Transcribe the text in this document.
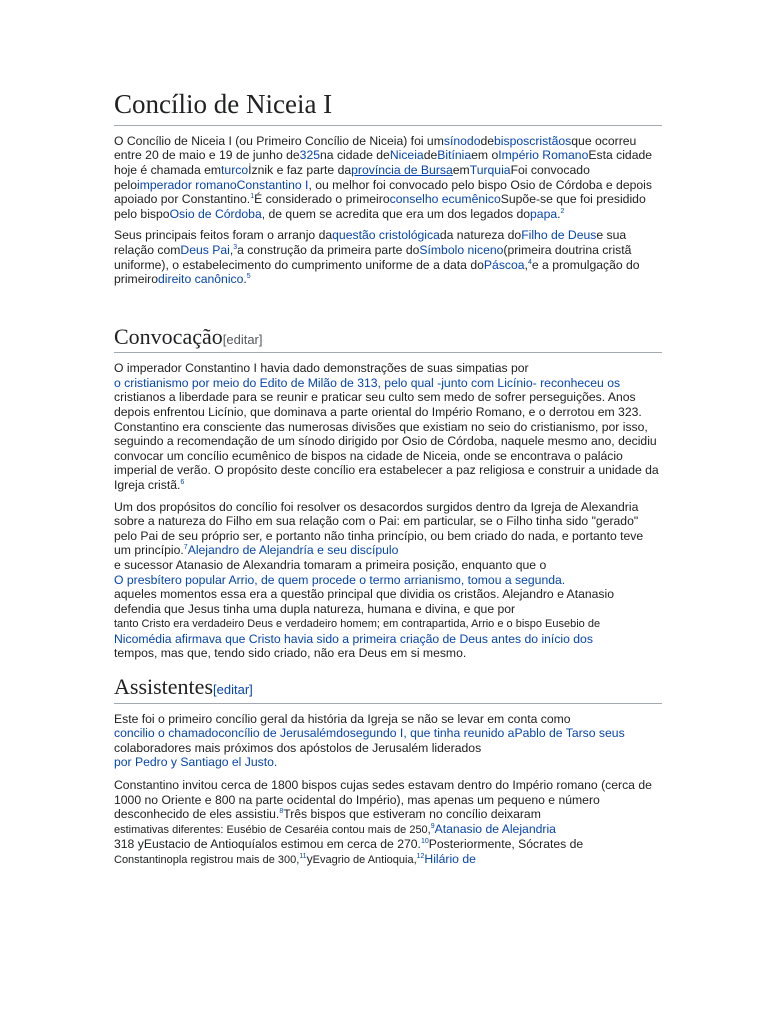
Concílio de Niceia I

O Concílio de Niceia I (ou Primeiro Concílio de Niceia) foi umsínododebisposcristãosque ocorreu entre 20 de maio e 19 de junho de325na cidade deNiceiadeBitíniaem oImpério RomanoEsta cidade hoje é chamada emturcoİznik e faz parte daprovíncia de BursaemTurquiaFoi convocado peloimperador romanoConstantino I, ou melhor foi convocado pelo bispo Osio de Córdoba e depois apoiado por Constantino.$^1$É considerado o primeiroconselho ecumênicoSupõe-se que foi presidido pelo bispoOsio de Córdoba, de quem se acredita que era um dos legados dopapa.$^2$

Seus principais feitos foram o arranjo daquestão cristológicada natureza doFilho de Deuse sua relação comDeus Pai,$^3$a construção da primeira parte doSímbolo niceno(primeira doutrina cristã uniforme), o estabelecimento do cumprimento uniforme de a data doPáscoa,$^4$e a promulgação do primeirodireito canônico.$^5$

Convocação[editar]

O imperador Constantino I havia dado demonstrações de suas simpatias por
o cristianismo por meio do Edito de Milão de 313, pelo qual -junto com Licínio- reconheceu os cristianos a liberdade para se reunir e praticar seu culto sem medo de sofrer perseguições. Anos depois enfrentou Licínio, que dominava a parte oriental do Império Romano, e o derrotou em 323. Constantino era consciente das numerosas divisões que existiam no seio do cristianismo, por isso, seguindo a recomendação de um sínodo dirigido por Osio de Córdoba, naquele mesmo ano, decidiu convocar um concílio ecumênico de bispos na cidade de Niceia, onde se encontrava o palácio imperial de verão. O propósito deste concílio era estabelecer a paz religiosa e construir a unidade da Igreja cristã.$^6$

Um dos propósitos do concílio foi resolver os desacordos surgidos dentro da Igreja de Alexandria sobre a natureza do Filho em sua relação com o Pai: em particular, se o Filho tinha sido "gerado" pelo Pai de seu próprio ser, e portanto não tinha princípio, ou bem criado do nada, e portanto teve um princípio.$^7$Alejandro de Alejandría e seu discípulo
e sucessor Atanasio de Alexandria tomaram a primeira posição, enquanto que o
O presbítero popular Arrio, de quem procede o termo arrianismo, tomou a segunda.
aqueles momentos essa era a questão principal que dividia os cristãos. Alejandro e Atanasio defendia que Jesus tinha uma dupla natureza, humana e divina, e que por
tanto Cristo era verdadeiro Deus e verdadeiro homem; em contrapartida, Arrio e o bispo Eusebio de
Nicomédia afirmava que Cristo havia sido a primeira criação de Deus antes do início dos
tempos, mas que, tendo sido criado, não era Deus em si mesmo.

Assistentes[editar]

Este foi o primeiro concílio geral da história da Igreja se não se levar em conta como
concilio o chamadoconcílio de Jerusalémdosegundo I, que tinha reunido aPablo de Tarso seus
colaboradores mais próximos dos apóstolos de Jerusalém liderados
por Pedro y Santiago el Justo.

Constantino invitou cerca de 1800 bispos cujas sedes estavam dentro do Império romano (cerca de 1000 no Oriente e 800 na parte ocidental do Império), mas apenas um pequeno e número desconhecido de eles assistiu.$^8$Três bispos que estiveram no concílio deixaram
estimativas diferentes: Eusébio de Cesaréia contou mais de 250,$^9$Atanasio de Alejandria
318 yEustacio de Antioquíalos estimou em cerca de 270.10Posteriormente, Sócrates de
Constantinopla registrou mais de 300,11yEvagrio de Antioquia,$^{12}$Hilário de
